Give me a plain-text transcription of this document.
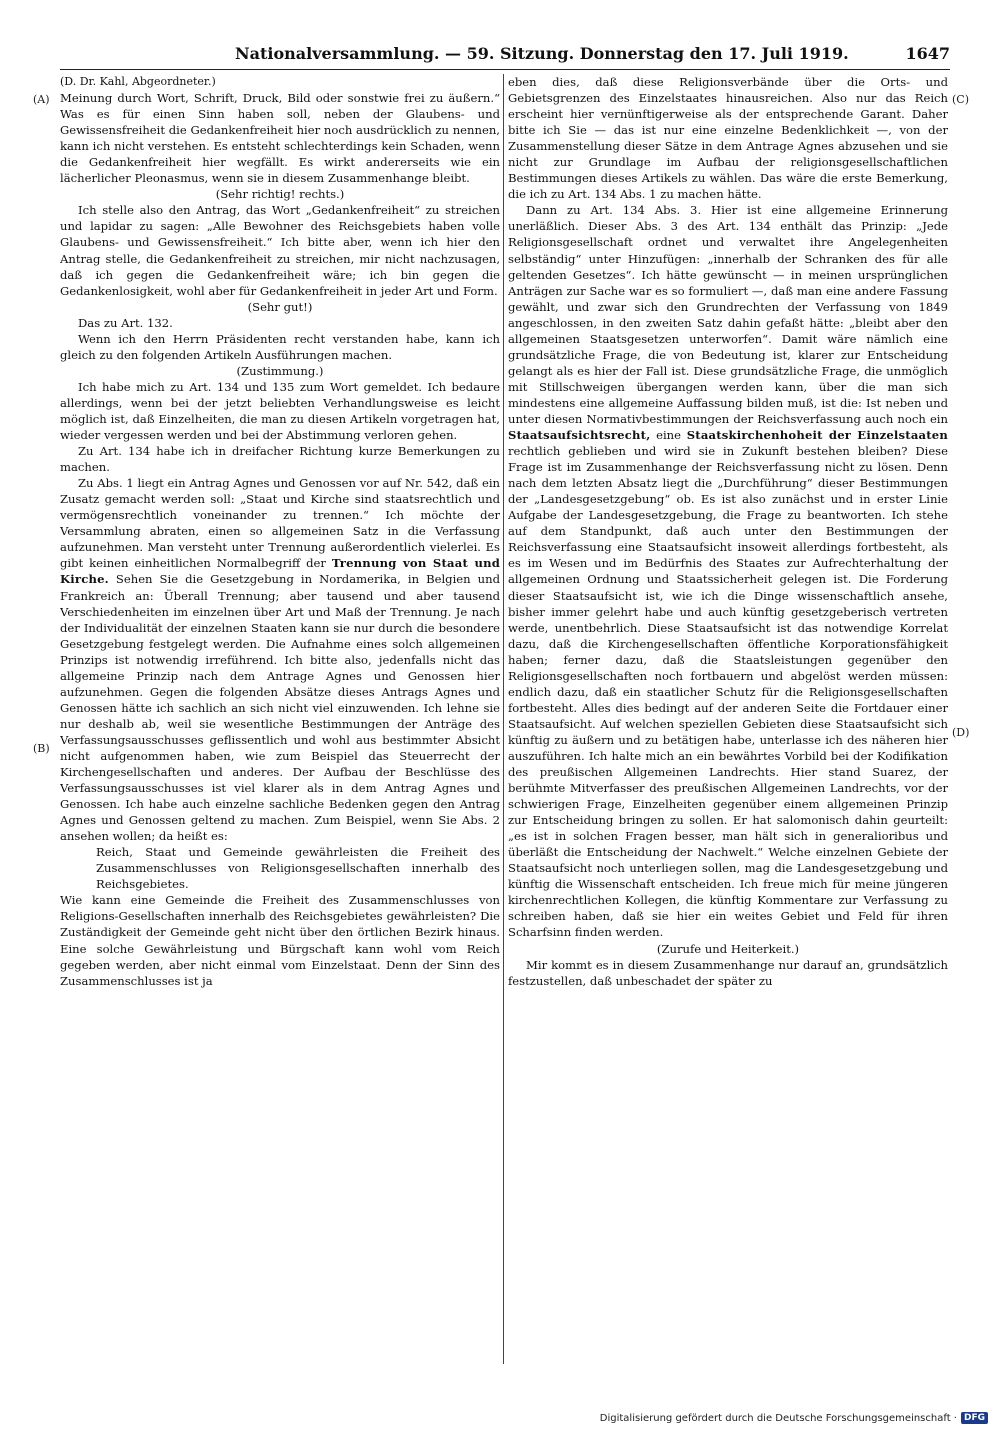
Nationalversammlung. — 59. Sitzung. Donnerstag den 17. Juli 1919.	1647
(A)
(B)
(C)
(D)
(D. Dr. Kahl, Abgeordneter.)

Meinung durch Wort, Schrift, Druck, Bild oder sonstwie frei zu äußern.“ Was es für einen Sinn haben soll, neben der Glaubens- und Gewissensfreiheit die Gedankenfreiheit hier noch ausdrücklich zu nennen, kann ich nicht verstehen. Es entsteht schlechterdings kein Schaden, wenn die Gedankenfreiheit hier wegfällt. Es wirkt andererseits wie ein lächerlicher Pleonasmus, wenn sie in diesem Zusammenhange bleibt.

(Sehr richtig! rechts.)

Ich stelle also den Antrag, das Wort „Gedankenfreiheit“ zu streichen und lapidar zu sagen: „Alle Bewohner des Reichsgebiets haben volle Glaubens- und Gewissensfreiheit.“ Ich bitte aber, wenn ich hier den Antrag stelle, die Gedankenfreiheit zu streichen, mir nicht nachzusagen, daß ich gegen die Gedankenfreiheit wäre; ich bin gegen die Gedankenlosigkeit, wohl aber für Gedankenfreiheit in jeder Art und Form.

(Sehr gut!)

Das zu Art. 132.

Wenn ich den Herrn Präsidenten recht verstanden habe, kann ich gleich zu den folgenden Artikeln Ausführungen machen.

(Zustimmung.)

Ich habe mich zu Art. 134 und 135 zum Wort gemeldet. Ich bedaure allerdings, wenn bei der jetzt beliebten Verhandlungsweise es leicht möglich ist, daß Einzelheiten, die man zu diesen Artikeln vorgetragen hat, wieder vergessen werden und bei der Abstimmung verloren gehen.

Zu Art. 134 habe ich in dreifacher Richtung kurze Bemerkungen zu machen.

Zu Abs. 1 liegt ein Antrag Agnes und Genossen vor auf Nr. 542, daß ein Zusatz gemacht werden soll: „Staat und Kirche sind staatsrechtlich und vermögensrechtlich voneinander zu trennen.“ Ich möchte der Versammlung abraten, einen so allgemeinen Satz in die Verfassung aufzunehmen. Man versteht unter Trennung außerordentlich vielerlei. Es gibt keinen einheitlichen Normalbegriff der Trennung von Staat und Kirche. Sehen Sie die Gesetzgebung in Nordamerika, in Belgien und Frankreich an: Überall Trennung; aber tausend und aber tausend Verschiedenheiten im einzelnen über Art und Maß der Trennung. Je nach der Individualität der einzelnen Staaten kann sie nur durch die besondere Gesetzgebung festgelegt werden. Die Aufnahme eines solch allgemeinen Prinzips ist notwendig irreführend. Ich bitte also, jedenfalls nicht das allgemeine Prinzip nach dem Antrage Agnes und Genossen hier aufzunehmen. Gegen die folgenden Absätze dieses Antrags Agnes und Genossen hätte ich sachlich an sich nicht viel einzuwenden. Ich lehne sie nur deshalb ab, weil sie wesentliche Bestimmungen der Anträge des Verfassungsausschusses geflissentlich und wohl aus bestimmter Absicht nicht aufgenommen haben, wie zum Beispiel das Steuerrecht der Kirchengesellschaften und anderes. Der Aufbau der Beschlüsse des Verfassungsausschusses ist viel klarer als in dem Antrag Agnes und Genossen. Ich habe auch einzelne sachliche Bedenken gegen den Antrag Agnes und Genossen geltend zu machen. Zum Beispiel, wenn Sie Abs. 2 ansehen wollen; da heißt es:

Reich, Staat und Gemeinde gewährleisten die Freiheit des Zusammenschlusses von Religionsgesellschaften innerhalb des Reichsgebietes.

Wie kann eine Gemeinde die Freiheit des Zusammenschlusses von Religions-Gesellschaften innerhalb des Reichsgebietes gewährleisten? Die Zuständigkeit der Gemeinde geht nicht über den örtlichen Bezirk hinaus. Eine solche Gewährleistung und Bürgschaft kann wohl vom Reich gegeben werden, aber nicht einmal vom Einzelstaat. Denn der Sinn des Zusammenschlusses ist ja

eben dies, daß diese Religionsverbände über die Orts- und Gebietsgrenzen des Einzelstaates hinausreichen. Also nur das Reich erscheint hier vernünftigerweise als der entsprechende Garant. Daher bitte ich Sie — das ist nur eine einzelne Bedenklichkeit —, von der Zusammenstellung dieser Sätze in dem Antrage Agnes abzusehen und sie nicht zur Grundlage im Aufbau der religionsgesellschaftlichen Bestimmungen dieses Artikels zu wählen. Das wäre die erste Bemerkung, die ich zu Art. 134 Abs. 1 zu machen hätte.

Dann zu Art. 134 Abs. 3. Hier ist eine allgemeine Erinnerung unerläßlich. Dieser Abs. 3 des Art. 134 enthält das Prinzip: „Jede Religionsgesellschaft ordnet und verwaltet ihre Angelegenheiten selbständig“ unter Hinzufügen: „innerhalb der Schranken des für alle geltenden Gesetzes“. Ich hätte gewünscht — in meinen ursprünglichen Anträgen zur Sache war es so formuliert —, daß man eine andere Fassung gewählt, und zwar sich den Grundrechten der Verfassung von 1849 angeschlossen, in den zweiten Satz dahin gefaßt hätte: „bleibt aber den allgemeinen Staatsgesetzen unterworfen“. Damit wäre nämlich eine grundsätzliche Frage, die von Bedeutung ist, klarer zur Entscheidung gelangt als es hier der Fall ist. Diese grundsätzliche Frage, die unmöglich mit Stillschweigen übergangen werden kann, über die man sich mindestens eine allgemeine Auffassung bilden muß, ist die: Ist neben und unter diesen Normativbestimmungen der Reichsverfassung auch noch ein Staatsaufsichtsrecht, eine Staatskirchenhoheit der Einzelstaaten rechtlich geblieben und wird sie in Zukunft bestehen bleiben? Diese Frage ist im Zusammenhange der Reichsverfassung nicht zu lösen. Denn nach dem letzten Absatz liegt die „Durchführung“ dieser Bestimmungen der „Landesgesetzgebung“ ob. Es ist also zunächst und in erster Linie Aufgabe der Landesgesetzgebung, die Frage zu beantworten. Ich stehe auf dem Standpunkt, daß auch unter den Bestimmungen der Reichsverfassung eine Staatsaufsicht insoweit allerdings fortbesteht, als es im Wesen und im Bedürfnis des Staates zur Aufrechterhaltung der allgemeinen Ordnung und Staatssicherheit gelegen ist. Die Forderung dieser Staatsaufsicht ist, wie ich die Dinge wissenschaftlich ansehe, bisher immer gelehrt habe und auch künftig gesetzgeberisch vertreten werde, unentbehrlich. Diese Staatsaufsicht ist das notwendige Korrelat dazu, daß die Kirchengesellschaften öffentliche Korporationsfähigkeit haben; ferner dazu, daß die Staatsleistungen gegenüber den Religionsgesellschaften noch fortbauern und abgelöst werden müssen: endlich dazu, daß ein staatlicher Schutz für die Religionsgesellschaften fortbesteht. Alles dies bedingt auf der anderen Seite die Fortdauer einer Staatsaufsicht. Auf welchen speziellen Gebieten diese Staatsaufsicht sich künftig zu äußern und zu betätigen habe, unterlasse ich des näheren hier auszuführen. Ich halte mich an ein bewährtes Vorbild bei der Kodifikation des preußischen Allgemeinen Landrechts. Hier stand Suarez, der berühmte Mitverfasser des preußischen Allgemeinen Landrechts, vor der schwierigen Frage, Einzelheiten gegenüber einem allgemeinen Prinzip zur Entscheidung bringen zu sollen. Er hat salomonisch dahin geurteilt: „es ist in solchen Fragen besser, man hält sich in generalioribus und überläßt die Entscheidung der Nachwelt.“ Welche einzelnen Gebiete der Staatsaufsicht noch unterliegen sollen, mag die Landesgesetzgebung und künftig die Wissenschaft entscheiden. Ich freue mich für meine jüngeren kirchenrechtlichen Kollegen, die künftig Kommentare zur Verfassung zu schreiben haben, daß sie hier ein weites Gebiet und Feld für ihren Scharfsinn finden werden.

(Zurufe und Heiterkeit.)

Mir kommt es in diesem Zusammenhange nur darauf an, grundsätzlich festzustellen, daß unbeschadet der später zu

Digitalisierung gefördert durch die Deutsche Forschungsgemeinschaft · DFG
